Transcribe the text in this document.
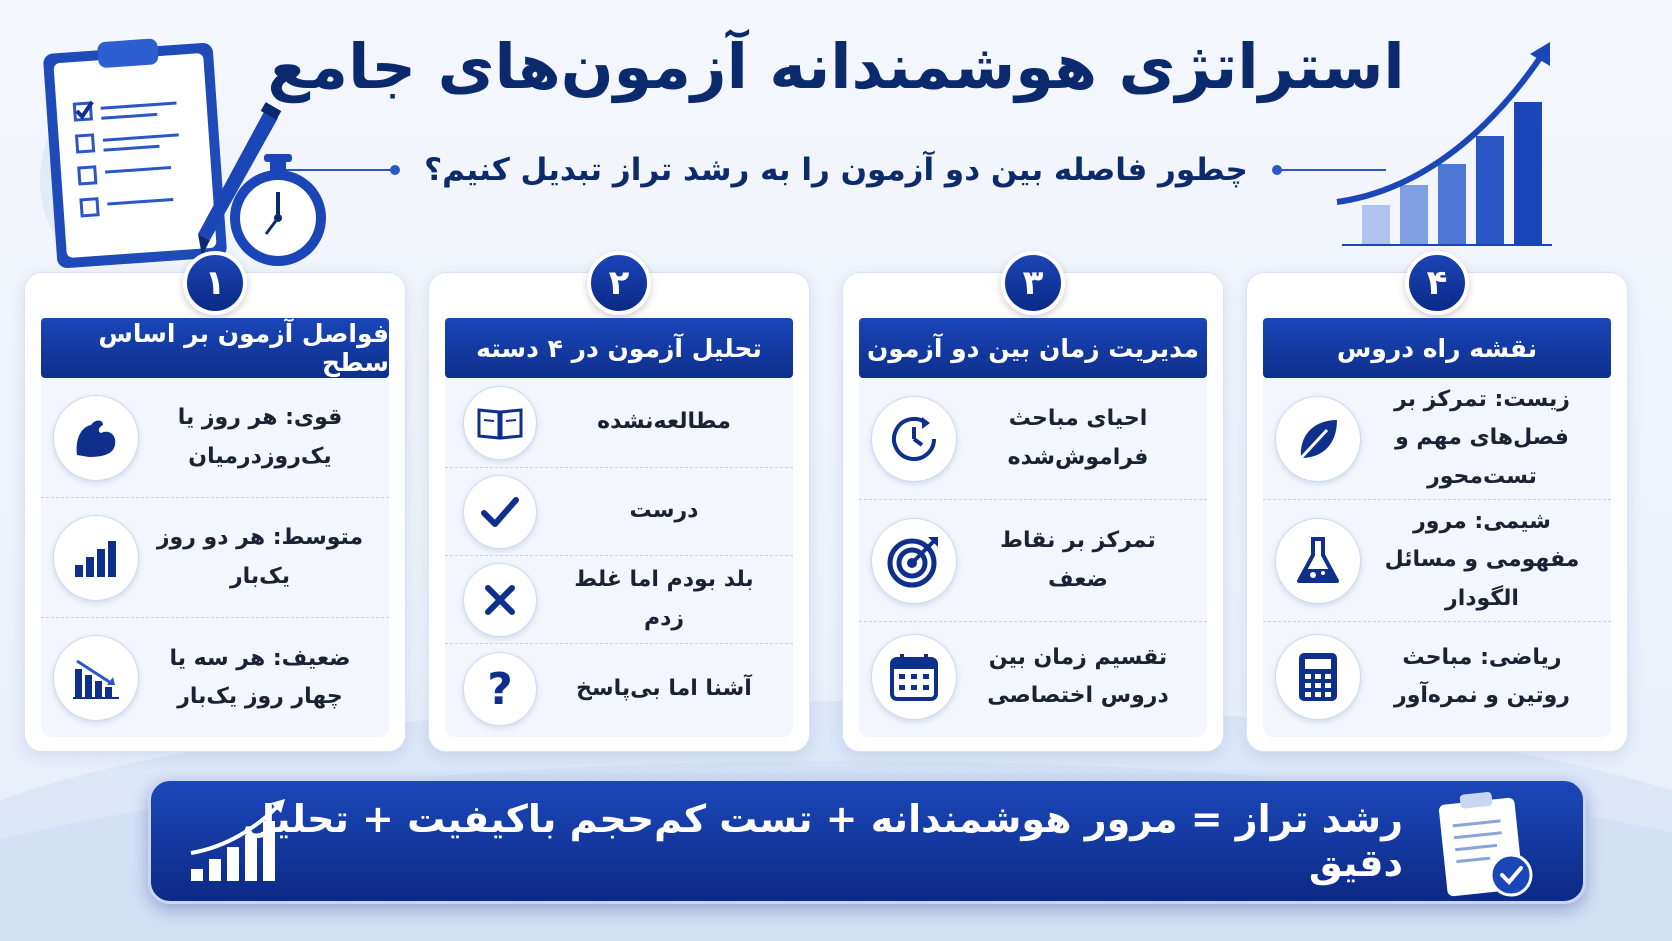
استراتژی هوشمندانه آزمون‌های جامع
چطور فاصله بین دو آزمون را به رشد تراز تبدیل کنیم؟
۱
فواصل آزمون بر اساس سطح
قوی: هر روز یا یک‌روزدرمیان
متوسط: هر دو روز یک‌بار
ضعیف: هر سه یا چهار روز یک‌بار
۲
تحلیل آزمون در ۴ دسته
مطالعه‌نشده
درست
بلد بودم اما غلط زدم
?	آشنا اما بی‌پاسخ
۳
مدیریت زمان بین دو آزمون
احیای مباحث فراموش‌شده
تمرکز بر نقاط ضعف
تقسیم زمان بین دروس اختصاصی
۴
نقشه راه دروس
زیست: تمرکز بر فصل‌های مهم و تست‌محور
شیمی: مرور مفهومی و مسائل الگودار
ریاضی: مباحث روتین و نمره‌آور
رشد تراز = مرور هوشمندانه + تست کم‌حجم باکیفیت + تحلیل دقیق
